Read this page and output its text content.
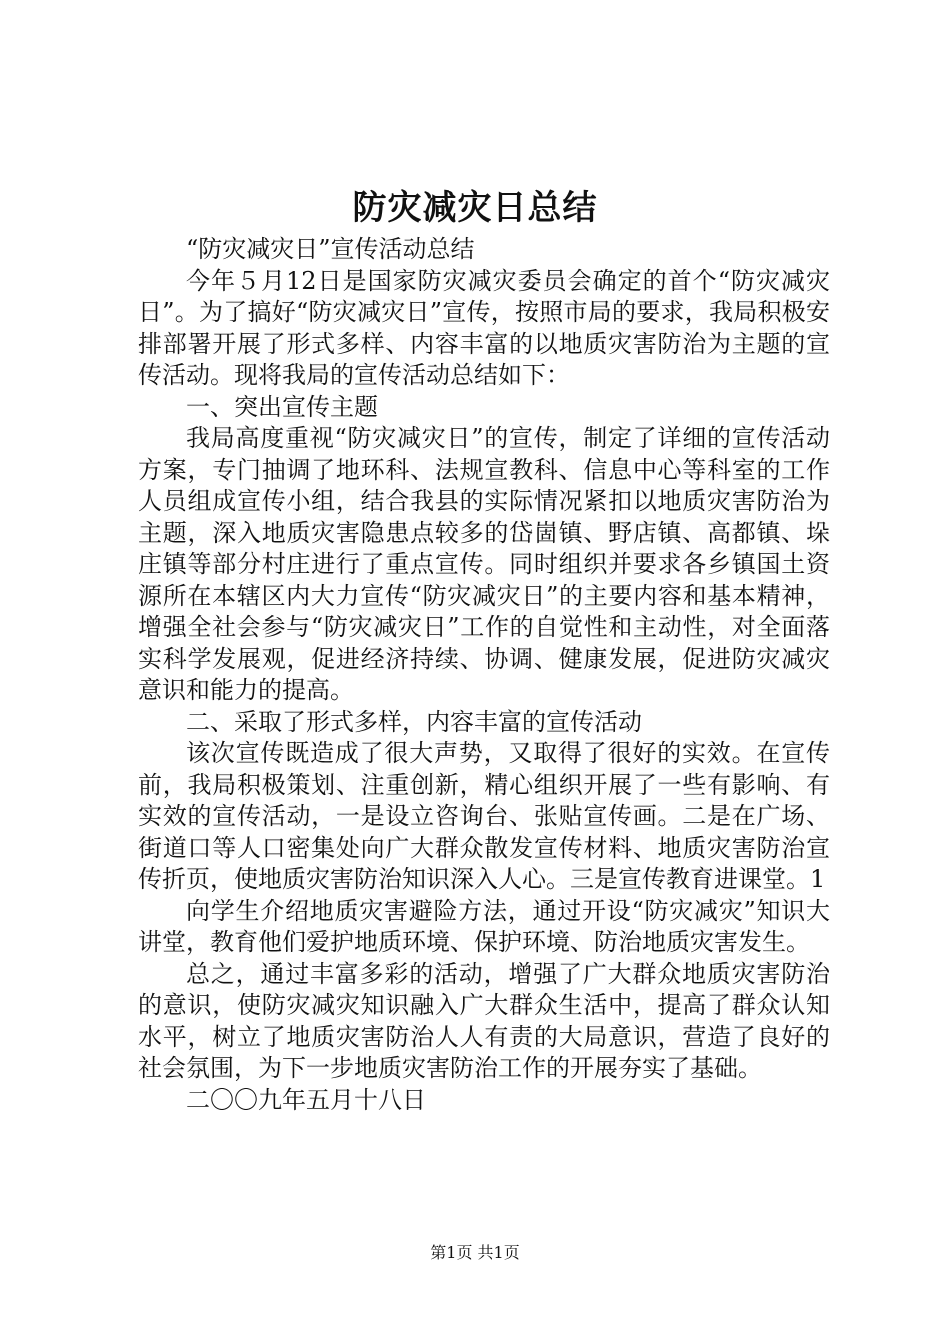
防灾减灾日总结

“防灾减灾日”宣传活动总结

今年５月12日是国家防灾减灾委员会确定的首个“防灾减灾日”。为了搞好“防灾减灾日”宣传，按照市局的要求，我局积极安排部署开展了形式多样、内容丰富的以地质灾害防治为主题的宣传活动。现将我局的宣传活动总结如下：

一、突出宣传主题

我局高度重视“防灾减灾日”的宣传，制定了详细的宣传活动方案，专门抽调了地环科、法规宣教科、信息中心等科室的工作人员组成宣传小组，结合我县的实际情况紧扣以地质灾害防治为主题，深入地质灾害隐患点较多的岱崮镇、野店镇、高都镇、垛庄镇等部分村庄进行了重点宣传。同时组织并要求各乡镇国土资源所在本辖区内大力宣传“防灾减灾日”的主要内容和基本精神，增强全社会参与“防灾减灾日”工作的自觉性和主动性，对全面落实科学发展观，促进经济持续、协调、健康发展，促进防灾减灾意识和能力的提高。

二、采取了形式多样，内容丰富的宣传活动

该次宣传既造成了很大声势，又取得了很好的实效。在宣传前，我局积极策划、注重创新，精心组织开展了一些有影响、有实效的宣传活动，一是设立咨询台、张贴宣传画。二是在广场、街道口等人口密集处向广大群众散发宣传材料、地质灾害防治宣传折页，使地质灾害防治知识深入人心。三是宣传教育进课堂。1

向学生介绍地质灾害避险方法，通过开设“防灾减灾”知识大讲堂，教育他们爱护地质环境、保护环境、防治地质灾害发生。

总之，通过丰富多彩的活动，增强了广大群众地质灾害防治的意识，使防灾减灾知识融入广大群众生活中，提高了群众认知水平，树立了地质灾害防治人人有责的大局意识，营造了良好的社会氛围，为下一步地质灾害防治工作的开展夯实了基础。

二〇〇九年五月十八日

第1页 共1页
